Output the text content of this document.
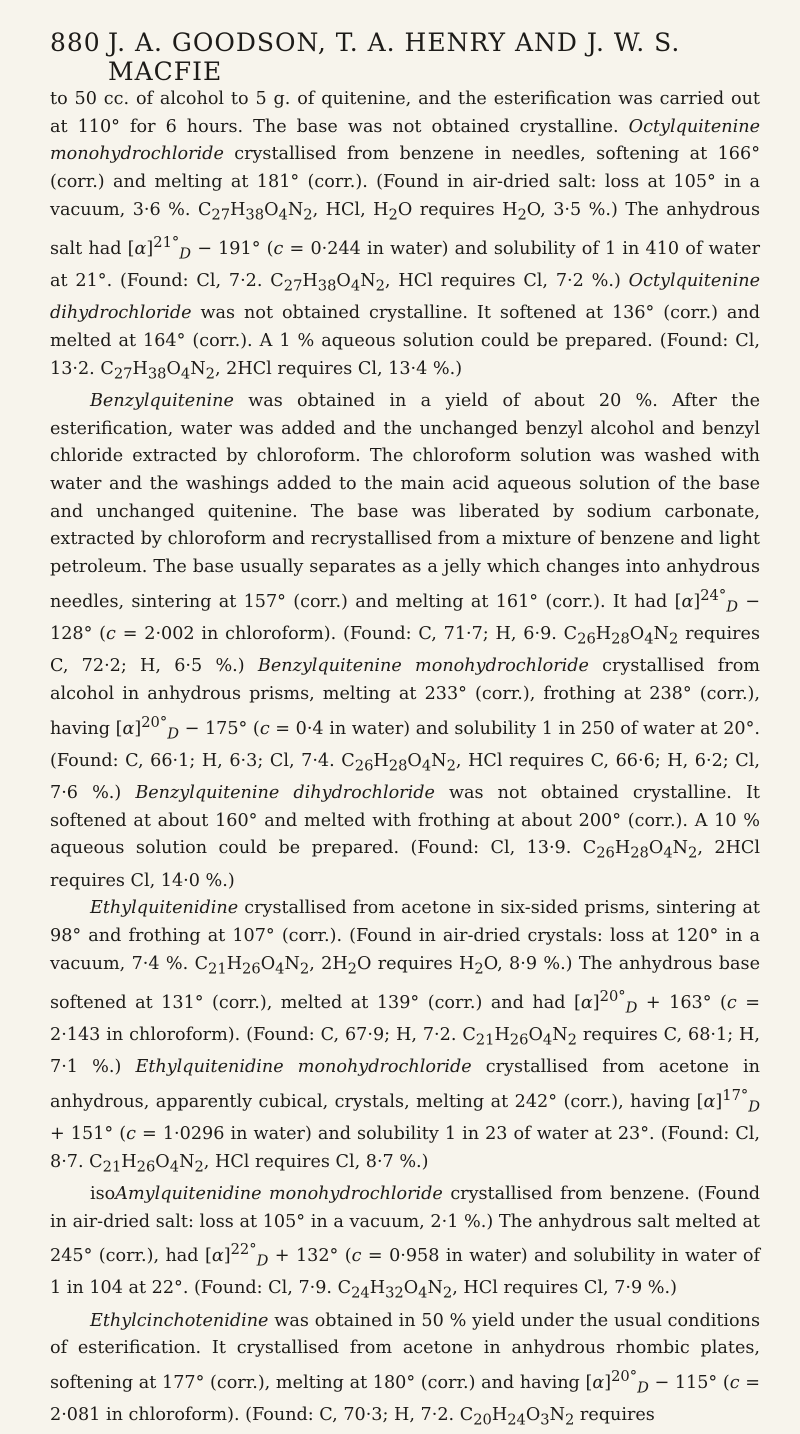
880 J. A. GOODSON, T. A. HENRY AND J. W. S. MACFIE

to 50 cc. of alcohol to 5 g. of quitenine, and the esterification was carried out at 110° for 6 hours. The base was not obtained crystalline. Octylquitenine monohydrochloride crystallised from benzene in needles, softening at 166° (corr.) and melting at 181° (corr.). (Found in air-dried salt: loss at 105° in a vacuum, 3·6 %. $C_{27}H_{38}O_4N_2$, HCl, $H_2O$ requires $H_2O$, 3·5 %.) The anhydrous salt had $[\alpha]^{21^\circ}_D - 191^\circ$ (c = 0·244 in water) and solubility of 1 in 410 of water at 21°. (Found: Cl, 7·2. $C_{27}H_{38}O_4N_2$, HCl requires Cl, 7·2 %.) Octylquitenine dihydrochloride was not obtained crystalline. It softened at 136° (corr.) and melted at 164° (corr.). A 1 % aqueous solution could be prepared. (Found: Cl, 13·2. $C_{27}H_{38}O_4N_2$, 2HCl requires Cl, 13·4 %.)

Benzylquitenine was obtained in a yield of about 20 %. After the esterification, water was added and the unchanged benzyl alcohol and benzyl chloride extracted by chloroform. The chloroform solution was washed with water and the washings added to the main acid aqueous solution of the base and unchanged quitenine. The base was liberated by sodium carbonate, extracted by chloroform and recrystallised from a mixture of benzene and light petroleum. The base usually separates as a jelly which changes into anhydrous needles, sintering at 157° (corr.) and melting at 161° (corr.). It had $[\alpha]^{24^\circ}_D - 128^\circ$ (c = 2·002 in chloroform). (Found: C, 71·7; H, 6·9. $C_{26}H_{28}O_4N_2$ requires C, 72·2; H, 6·5 %.) Benzylquitenine monohydrochloride crystallised from alcohol in anhydrous prisms, melting at 233° (corr.), frothing at 238° (corr.), having $[\alpha]^{20^\circ}_D - 175^\circ$ (c = 0·4 in water) and solubility 1 in 250 of water at 20°. (Found: C, 66·1; H, 6·3; Cl, 7·4. $C_{26}H_{28}O_4N_2$, HCl requires C, 66·6; H, 6·2; Cl, 7·6 %.) Benzylquitenine dihydrochloride was not obtained crystalline. It softened at about 160° and melted with frothing at about 200° (corr.). A 10 % aqueous solution could be prepared. (Found: Cl, 13·9. $C_{26}H_{28}O_4N_2$, 2HCl requires Cl, 14·0 %.)

Ethylquitenidine crystallised from acetone in six-sided prisms, sintering at 98° and frothing at 107° (corr.). (Found in air-dried crystals: loss at 120° in a vacuum, 7·4 %. $C_{21}H_{26}O_4N_2$, $2H_2O$ requires $H_2O$, 8·9 %.) The anhydrous base softened at 131° (corr.), melted at 139° (corr.) and had $[\alpha]^{20^\circ}_D + 163^\circ$ (c = 2·143 in chloroform). (Found: C, 67·9; H, 7·2. $C_{21}H_{26}O_4N_2$ requires C, 68·1; H, 7·1 %.) Ethylquitenidine monohydrochloride crystallised from acetone in anhydrous, apparently cubical, crystals, melting at 242° (corr.), having $[\alpha]^{17^\circ}_D + 151^\circ$ (c = 1·0296 in water) and solubility 1 in 23 of water at 23°. (Found: Cl, 8·7. $C_{21}H_{26}O_4N_2$, HCl requires Cl, 8·7 %.)

isoAmylquitenidine monohydrochloride crystallised from benzene. (Found in air-dried salt: loss at 105° in a vacuum, 2·1 %.) The anhydrous salt melted at 245° (corr.), had $[\alpha]^{22^\circ}_D + 132^\circ$ (c = 0·958 in water) and solubility in water of 1 in 104 at 22°. (Found: Cl, 7·9. $C_{24}H_{32}O_4N_2$, HCl requires Cl, 7·9 %.)

Ethylcinchotenidine was obtained in 50 % yield under the usual conditions of esterification. It crystallised from acetone in anhydrous rhombic plates, softening at 177° (corr.), melting at 180° (corr.) and having $[\alpha]^{20^\circ}_D - 115^\circ$ (c = 2·081 in chloroform). (Found: C, 70·3; H, 7·2. $C_{20}H_{24}O_3N_2$ requires
